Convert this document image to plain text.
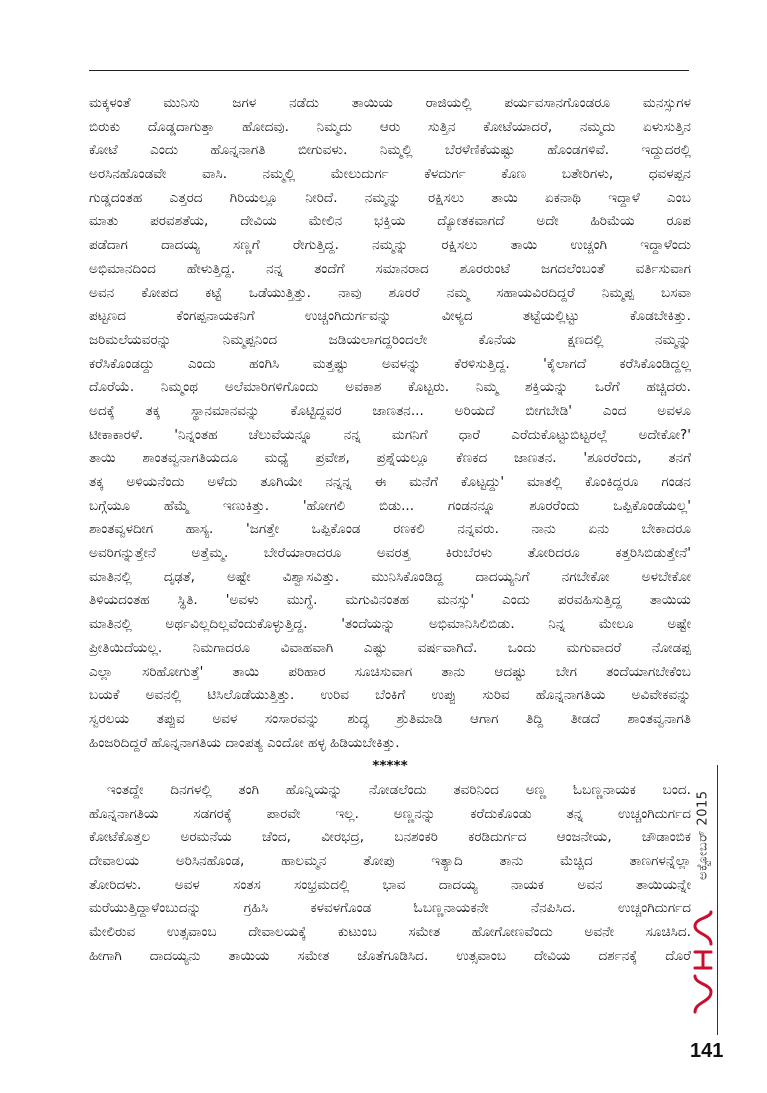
ಮಕ್ಕಳಂತೆ ಮುನಿಸು ಜಗಳ ನಡೆದು ತಾಯಿಯ ರಾಜಿಯಲ್ಲಿ ಪರ್ಯವಸಾನಗೊಂಡರೂ ಮನಸ್ಸುಗಳ
ಬಿರುಕು ದೊಡ್ಡದಾಗುತ್ತಾ ಹೋದವು. ನಿಮ್ಮದು ಆರು ಸುತ್ತಿನ ಕೋಟೆಯಾದರೆ, ನಮ್ಮದು ಏಳುಸುತ್ತಿನ
ಕೋಟೆ ಎಂದು ಹೊನ್ನನಾಗತಿ ಬೀಗುವಳು. ನಿಮ್ಮಲ್ಲಿ ಬೆರಳೆಣಿಕೆಯಷ್ಟು ಹೊಂಡಗಳಿವೆ. ಇದ್ದುದರಲ್ಲಿ
ಅರಸಿನಹೊಂಡವೇ ವಾಸಿ. ನಮ್ಮಲ್ಲಿ ಮೇಲುದುರ್ಗ ಕೆಳದುರ್ಗ ಕೊಣ ಬತೇರಿಗಳು, ಧವಳಪ್ಪನ
ಗುಡ್ಡದಂತಹ ಎತ್ತರದ ಗಿರಿಯಲ್ಲೂ ನೀರಿದೆ. ನಮ್ಮನ್ನು ರಕ್ಷಿಸಲು ತಾಯಿ ಏಕನಾಥಿ ಇದ್ದಾಳೆ ಎಂಬ
ಮಾತು ಪರವಶತೆಯ, ದೇವಿಯ ಮೇಲಿನ ಭಕ್ತಿಯ ದ್ಯೋತಕವಾಗದೆ ಅದೇ ಹಿರಿಮೆಯ ರೂಪ
ಪಡೆದಾಗ ದಾದಯ್ಯ ಸಣ್ಣಗೆ ರೇಗುತ್ತಿದ್ದ. ನಮ್ಮನ್ನು ರಕ್ಷಿಸಲು ತಾಯಿ ಉಚ್ಚಂಗಿ ಇದ್ದಾಳೆಂದು
ಅಭಿಮಾನದಿಂದ ಹೇಳುತ್ತಿದ್ದ. ನನ್ನ ತಂದೆಗೆ ಸಮಾನರಾದ ಶೂರರುಂಟೆ ಜಗದಲೆಂಬಂತೆ ವರ್ತಿಸುವಾಗ
ಅವನ ಕೋಪದ ಕಟ್ಟೆ ಒಡೆಯುತ್ತಿತ್ತು. ನಾವು ಶೂರರೆ ನಮ್ಮ ಸಹಾಯವಿರದಿದ್ದರೆ ನಿಮ್ಮಪ್ಪ ಬಸವಾ
ಪಟ್ಟಣದ ಕೆಂಗಪ್ಪನಾಯಕನಿಗೆ ಉಚ್ಚಂಗಿದುರ್ಗವನ್ನು ವೀಳ್ಯದ ತಟ್ಟೆಯಲ್ಲಿಟ್ಟು ಕೊಡಬೇಕಿತ್ತು.
ಜರಿಮಲೆಯವರನ್ನು ನಿಮ್ಮಪ್ಪನಿಂದ ಜಡಿಯಲಾಗದ್ದರಿಂದಲೇ ಕೊನೆಯ ಕ್ಷಣದಲ್ಲಿ ನಮ್ಮನ್ನು
ಕರೆಸಿಕೊಂಡದ್ದು ಎಂದು ಹಂಗಿಸಿ ಮತ್ತಷ್ಟು ಅವಳನ್ನು ಕೆರಳಿಸುತ್ತಿದ್ದ. 'ಕೈಲಾಗದೆ ಕರೆಸಿಕೊಂಡಿದ್ದಲ್ಲ
ದೊರೆಯೆ. ನಿಮ್ಮಂಥ ಅಲೆಮಾರಿಗಳಿಗೊಂದು ಅವಕಾಶ ಕೊಟ್ಟರು. ನಿಮ್ಮ ಶಕ್ತಿಯನ್ನು ಒರೆಗೆ ಹಚ್ಚಿದರು.
ಅದಕ್ಕೆ ತಕ್ಕ ಸ್ಥಾನಮಾನವನ್ನು ಕೊಟ್ಟಿದ್ದವರ ಜಾಣತನ... ಅರಿಯದೆ ಬೀಗಬೇಡಿ' ಎಂದ ಅವಳೂ
ಟೀಕಾಕಾರಳೆ. 'ನಿನ್ನಂತಹ ಚೆಲುವೆಯನ್ನೂ ನನ್ನ ಮಗನಿಗೆ ಧಾರೆ ಎರೆದುಕೊಟ್ಟುಬಿಟ್ಟರಲ್ಲೆ ಅದೇಕೋ?'
ತಾಯಿ ಶಾಂತವ್ವನಾಗತಿಯದೂ ಮಧ್ಯೆ ಪ್ರವೇಶ, ಪ್ರಶ್ನೆಯಲ್ಲೂ ಕೆಣಕದ ಜಾಣತನ. 'ಶೂರರೆಂದು, ತನಗೆ
ತಕ್ಕ ಅಳಿಯನೆಂದು ಅಳೆದು ತೂಗಿಯೇ ನನ್ನನ್ನ ಈ ಮನೆಗೆ ಕೊಟ್ಟದ್ದು' ಮಾತಲ್ಲಿ ಕೊಂಕಿದ್ದರೂ ಗಂಡನ
ಬಗ್ಗೆಯೂ ಹೆಮ್ಮೆ ಇಣುಕಿತ್ತು. 'ಹೋಗಲಿ ಬಿಡು... ಗಂಡನನ್ನೂ ಶೂರರೆಂದು ಒಪ್ಪಿಕೊಂಡೆಯಲ್ಲ'
ಶಾಂತವ್ವಳದೀಗ ಹಾಸ್ಯ. 'ಜಗತ್ತೇ ಒಪ್ಪಿಕೊಂಡ ರಣಕಲಿ ನನ್ನವರು. ನಾನು ಏನು ಬೇಕಾದರೂ
ಅವರಿಗನ್ನುತ್ತೇನೆ ಅತ್ತೆಮ್ಮ. ಬೇರೆಯಾರಾದರೂ ಅವರತ್ತ ಕಿರುಬೆರಳು ತೋರಿದರೂ ಕತ್ತರಿಸಿಬಿಡುತ್ತೇನೆ'
ಮಾತಿನಲ್ಲಿ ದೃಢತೆ, ಅಷ್ಟೇ ವಿಶ್ವಾಸವಿತ್ತು. ಮುನಿಸಿಕೊಂಡಿದ್ದ ದಾದಯ್ಯನಿಗೆ ನಗಬೇಕೋ ಅಳಬೇಕೋ
ತಿಳಿಯದಂತಹ ಸ್ಥಿತಿ. 'ಅವಳು ಮುಗ್ಧೆ. ಮಗುವಿನಂತಹ ಮನಸ್ಸು' ಎಂದು ಪರವಹಿಸುತ್ತಿದ್ದ ತಾಯಿಯ
ಮಾತಿನಲ್ಲಿ ಅರ್ಥವಿಲ್ಲದಿಲ್ಲವೆಂದುಕೊಳ್ಳುತ್ತಿದ್ದ. 'ತಂದೆಯನ್ನು ಅಭಿಮಾನಿಸಿಲಿಬಿಡು. ನಿನ್ನ ಮೇಲೂ ಅಷ್ಟೇ
ಪ್ರೀತಿಯಿದೆಯಲ್ಲ. ನಿಮಗಾದರೂ ವಿವಾಹವಾಗಿ ಎಷ್ಟು ವರ್ಷವಾಗಿದೆ. ಒಂದು ಮಗುವಾದರೆ ನೋಡಪ್ಪ
ಎಲ್ಲಾ ಸರಿಹೋಗುತ್ತೆ' ತಾಯಿ ಪರಿಹಾರ ಸೂಚಿಸುವಾಗ ತಾನು ಆದಷ್ಟು ಬೇಗ ತಂದೆಯಾಗಬೇಕೆಂಬ
ಬಯಕೆ ಅವನಲ್ಲಿ ಟಿಸಿಲೊಡೆಯುತ್ತಿತ್ತು. ಉರಿವ ಬೆಂಕಿಗೆ ಉಪ್ಪು ಸುರಿವ ಹೊನ್ನನಾಗತಿಯ ಅವಿವೇಕವನ್ನು
ಸ್ವರಲಯ ತಪ್ಪುವ ಅವಳ ಸಂಸಾರವನ್ನು ಶುದ್ಧ ಶ್ರುತಿಮಾಡಿ ಆಗಾಗ ತಿದ್ದಿ ತೀಡದೆ ಶಾಂತವ್ವನಾಗತಿ
ಹಿಂಜರಿದಿದ್ದರೆ ಹೊನ್ನನಾಗತಿಯ ದಾಂಪತ್ಯ ಎಂದೋ ಹಳ್ಳ ಹಿಡಿಯಬೇಕಿತ್ತು.
*****
ಇಂತದ್ದೇ ದಿನಗಳಲ್ಲಿ ತಂಗಿ ಹೊನ್ನಿಯನ್ನು ನೋಡಲೆಂದು ತವರಿನಿಂದ ಅಣ್ಣ ಓಬಣ್ಣನಾಯಕ ಬಂದ.
ಹೊನ್ನನಾಗತಿಯ ಸಡಗರಕ್ಕೆ ಪಾರವೇ ಇಲ್ಲ. ಅಣ್ಣನನ್ನು ಕರೆದುಕೊಂಡು ತನ್ನ ಉಚ್ಚಂಗಿದುರ್ಗದ
ಕೋಟೆಕೊತ್ತಲ ಅರಮನೆಯ ಚೆಂದ, ವೀರಭದ್ರ, ಬನಶಂಕರಿ ಕರಡಿದುರ್ಗದ ಆಂಜನೇಯ, ಚೌಡಾಂಬಿಕ
ದೇವಾಲಯ ಅರಿಸಿನಹೊಂಡ, ಹಾಲಮ್ಮನ ತೋಪು ಇತ್ಯಾದಿ ತಾನು ಮೆಚ್ಚಿದ ತಾಣಗಳನ್ನೆಲ್ಲಾ
ತೋರಿದಳು. ಅವಳ ಸಂತಸ ಸಂಭ್ರಮದಲ್ಲಿ ಭಾವ ದಾದಯ್ಯ ನಾಯಕ ಅವನ ತಾಯಿಯನ್ನೇ
ಮರೆಯುತ್ತಿದ್ದಾಳೆಂಬುದನ್ನು ಗ್ರಹಿಸಿ ಕಳವಳಗೊಂಡ ಓಬಣ್ಣನಾಯಕನೇ ನೆನಪಿಸಿದ. ಉಚ್ಚಂಗಿದುರ್ಗದ
ಮೇಲಿರುವ ಉತ್ಸವಾಂಬ ದೇವಾಲಯಕ್ಕೆ ಕುಟುಂಬ ಸಮೇತ ಹೋಗೋಣವೆಂದು ಅವನೇ ಸೂಚಿಸಿದ.
ಹೀಗಾಗಿ ದಾದಯ್ಯನು ತಾಯಿಯ ಸಮೇತ ಜೊತೆಗೂಡಿಸಿದ. ಉತ್ಸವಾಂಬ ದೇವಿಯ ದರ್ಶನಕ್ಕೆ ದೊರೆ
ಅಕ್ಟೋಬರ್ 2015
141
